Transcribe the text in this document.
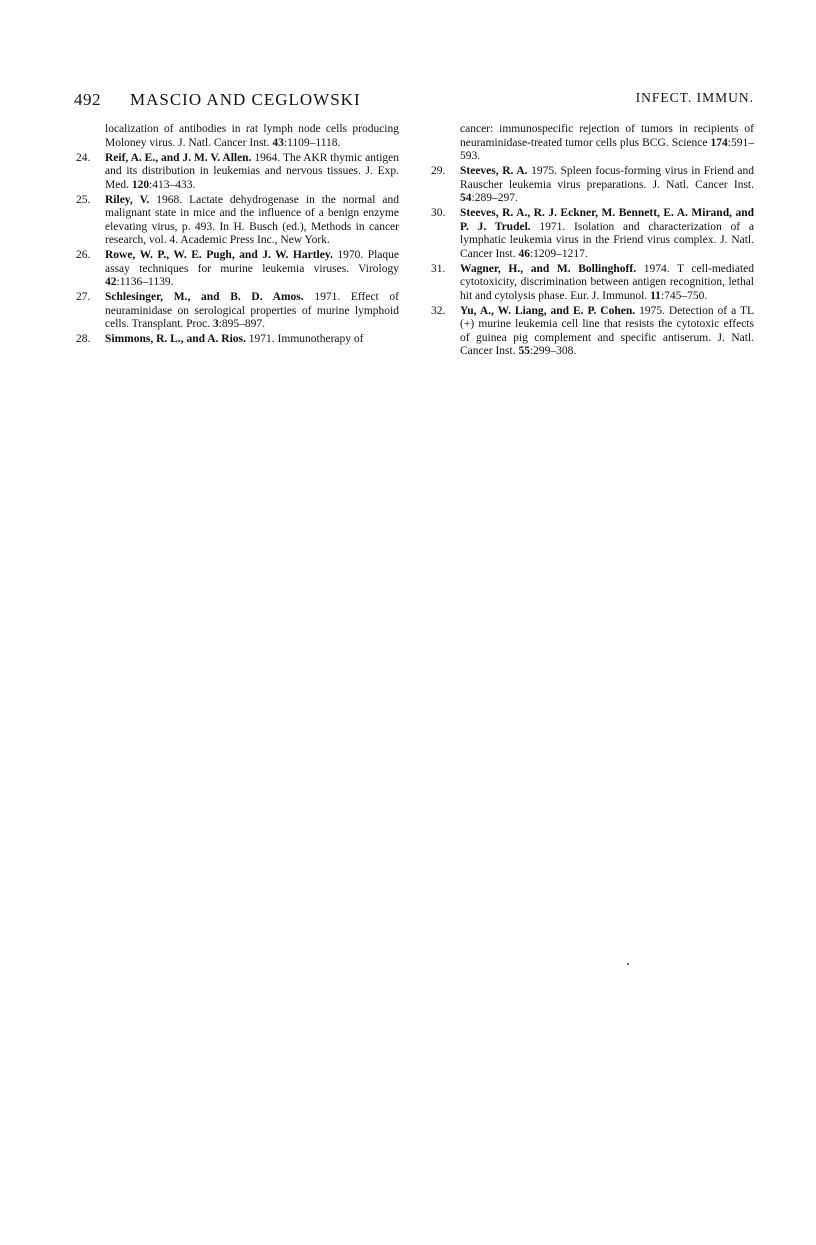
492 MASCIO AND CEGLOWSKI	INFECT. IMMUN.

localization of antibodies in rat lymph node cells producing Moloney virus. J. Natl. Cancer Inst. 43:1109–1118.

24. Reif, A. E., and J. M. V. Allen. 1964. The AKR thymic antigen and its distribution in leukemias and nervous tissues. J. Exp. Med. 120:413–433.

25. Riley, V. 1968. Lactate dehydrogenase in the normal and malignant state in mice and the influence of a benign enzyme elevating virus, p. 493. In H. Busch (ed.), Methods in cancer research, vol. 4. Academic Press Inc., New York.

26. Rowe, W. P., W. E. Pugh, and J. W. Hartley. 1970. Plaque assay techniques for murine leukemia viruses. Virology 42:1136–1139.

27. Schlesinger, M., and B. D. Amos. 1971. Effect of neuraminidase on serological properties of murine lymphoid cells. Transplant. Proc. 3:895–897.

28. Simmons, R. L., and A. Rios. 1971. Immunotherapy of

cancer: immunospecific rejection of tumors in recipients of neuraminidase-treated tumor cells plus BCG. Science 174:591–593.

29. Steeves, R. A. 1975. Spleen focus-forming virus in Friend and Rauscher leukemia virus preparations. J. Natl. Cancer Inst. 54:289–297.

30. Steeves, R. A., R. J. Eckner, M. Bennett, E. A. Mirand, and P. J. Trudel. 1971. Isolation and characterization of a lymphatic leukemia virus in the Friend virus complex. J. Natl. Cancer Inst. 46:1209–1217.

31. Wagner, H., and M. Bollinghoff. 1974. T cell-mediated cytotoxicity, discrimination between antigen recognition, lethal hit and cytolysis phase. Eur. J. Immunol. 11:745–750.

32. Yu, A., W. Liang, and E. P. Cohen. 1975. Detection of a TL (+) murine leukemia cell line that resists the cytotoxic effects of guinea pig complement and specific antiserum. J. Natl. Cancer Inst. 55:299–308.
